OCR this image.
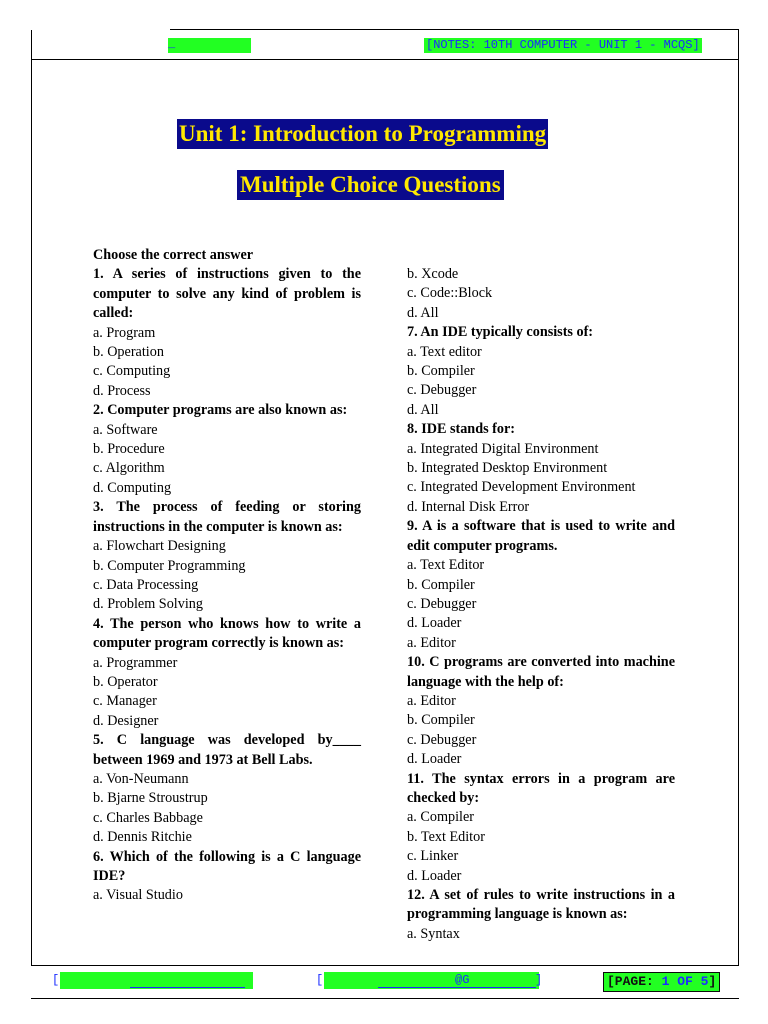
_	[NOTES: 10TH COMPUTER - UNIT 1 - MCQS]
Unit 1: Introduction to Programming
Multiple Choice Questions
Choose the correct answer
1. A series of instructions given to the computer to solve any kind of problem is called:
a. Program
b. Operation
c. Computing
d. Process
2. Computer programs are also known as:
a. Software
b. Procedure
c. Algorithm
d. Computing
3. The process of feeding or storing instructions in the computer is known as:
a. Flowchart Designing
b. Computer Programming
c. Data Processing
d. Problem Solving
4. The person who knows how to write a computer program correctly is known as:
a. Programmer
b. Operator
c. Manager
d. Designer
5. C language was developed by____ between 1969 and 1973 at Bell Labs.
a. Von-Neumann
b. Bjarne Stroustrup
c. Charles Babbage
d. Dennis Ritchie
6. Which of the following is a C language IDE?
a. Visual Studio
b. Xcode
c. Code::Block
d. All
7. An IDE typically consists of:
a. Text editor
b. Compiler
c. Debugger
d. All
8. IDE stands for:
a. Integrated Digital Environment
b. Integrated Desktop Environment
c. Integrated Development Environment
d. Internal Disk Error
9. A is a software that is used to write and edit computer programs.
a. Text Editor
b. Compiler
c. Debugger
d. Loader
a. Editor
10. C programs are converted into machine language with the help of:
a. Editor
b. Compiler
c. Debugger
d. Loader
11. The syntax errors in a program are checked by:
a. Compiler
b. Text Editor
c. Linker
d. Loader
12. A set of rules to write instructions in a programming language is known as:
a. Syntax
[	[	@G	]	[PAGE: 1 OF 5]
